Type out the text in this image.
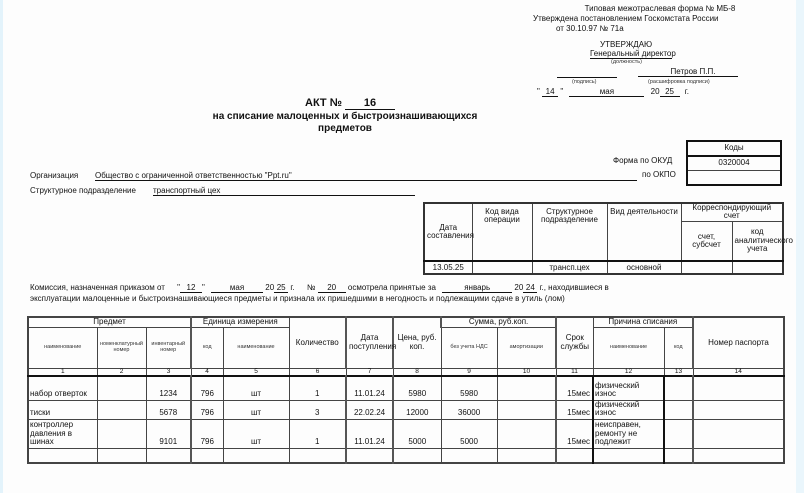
Типовая межотраслевая форма № МБ-8
Утверждена постановлением Госкомстата России
от 30.10.97 № 71а
УТВЕРЖДАЮ
Генеральный директор
(должность)
Петров П.П.
(подпись)	(расшифровка подписи)
" 14 "	мая	20 25 г.
АКТ № 16
на списание малоценных и быстроизнашивающихся
предметов
Форма по ОКУД
по ОКПО
Коды
0320004

Организация Общество с ограниченной ответственностью "Ppt.ru"
Структурное подразделение транспортный цех
Дата составления	Код вида операции	Структурное подразделение	Вид деятельности	Корреспондирующий счет	
				счет, субсчет	код аналитического учета
13.05.25		трансп.цех	основной		
Комиссия, назначенная приказом от " 12 "	мая	20 25 г. № 20 осмотрела принятые за	январь	20 24 г., находившиеся в
эксплуатации малоценные и быстроизнашивающиеся предметы и признала их пришедшими в негодность и подлежащими сдаче в утиль (лом)
Предмет			Единица измерения		Количество	Дата поступления	Цена, руб. коп.	Сумма, руб.коп.		Срок службы	Причина списания		Номер паспорта
наименование	номенклатурный номер	инвентарный номер	код	наименование				без учета НДС	амортизации		наименование	код	
1	2	3	4	5	6	7	8	9	10	11	12	13	14
набор отверток		1234	796	шт	1	11.01.24	5980	5980		15мес	физический износ		
тиски		5678	796	шт	3	22.02.24	12000	36000		15мес	физический износ		
контроллер давления в шинах		9101	796	шт	1	11.01.24	5000	5000		15мес	неисправен, ремонту не подлежит		
